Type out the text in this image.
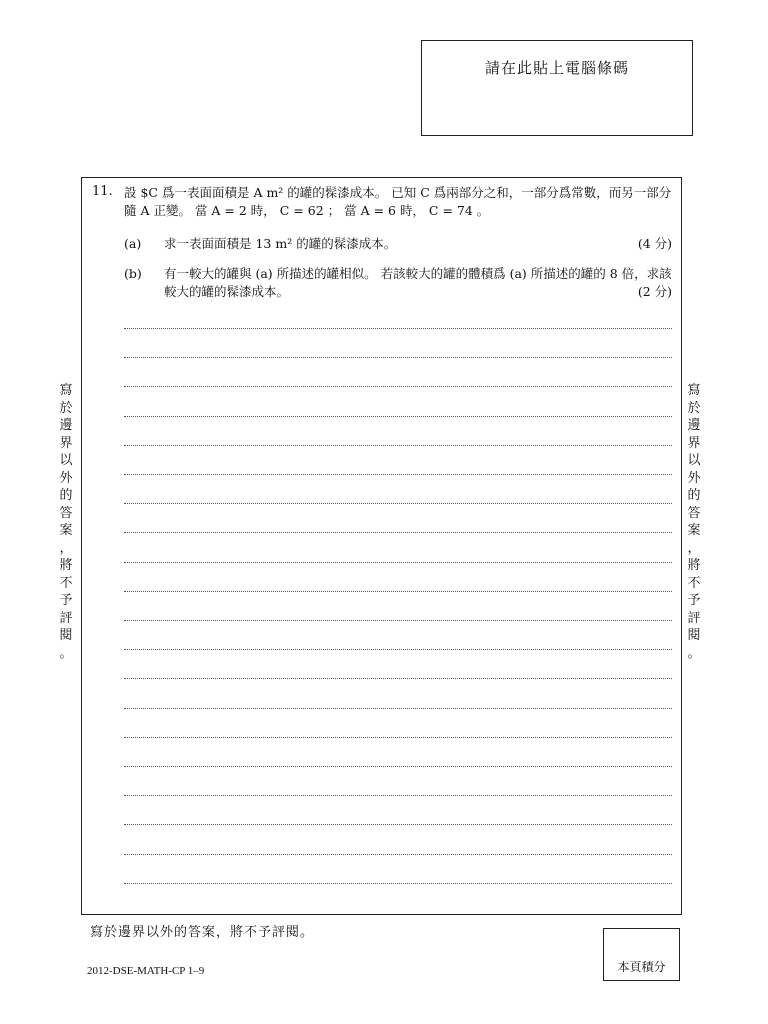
請在此貼上電腦條碼
寫
於
邊
界
以
外
的
答
案
，
將
不
予
評
閱
。
寫
於
邊
界
以
外
的
答
案
，
將
不
予
評
閱
。
11. 設 $C 爲一表面面積是 A m² 的罐的髹漆成本。 已知 C 爲兩部分之和，一部分爲常數，而另一部分隨 A 正變。 當 A = 2 時， C = 62 ； 當 A = 6 時， C = 74 。
(a) 求一表面面積是 13 m² 的罐的髹漆成本。	(4 分)
(b) 有一較大的罐與 (a) 所描述的罐相似。 若該較大的罐的體積爲 (a) 所描述的罐的 8 倍，求該較大的罐的髹漆成本。	(2 分)
寫於邊界以外的答案，將不予評閱。
2012-DSE-MATH-CP 1–9	本頁積分
